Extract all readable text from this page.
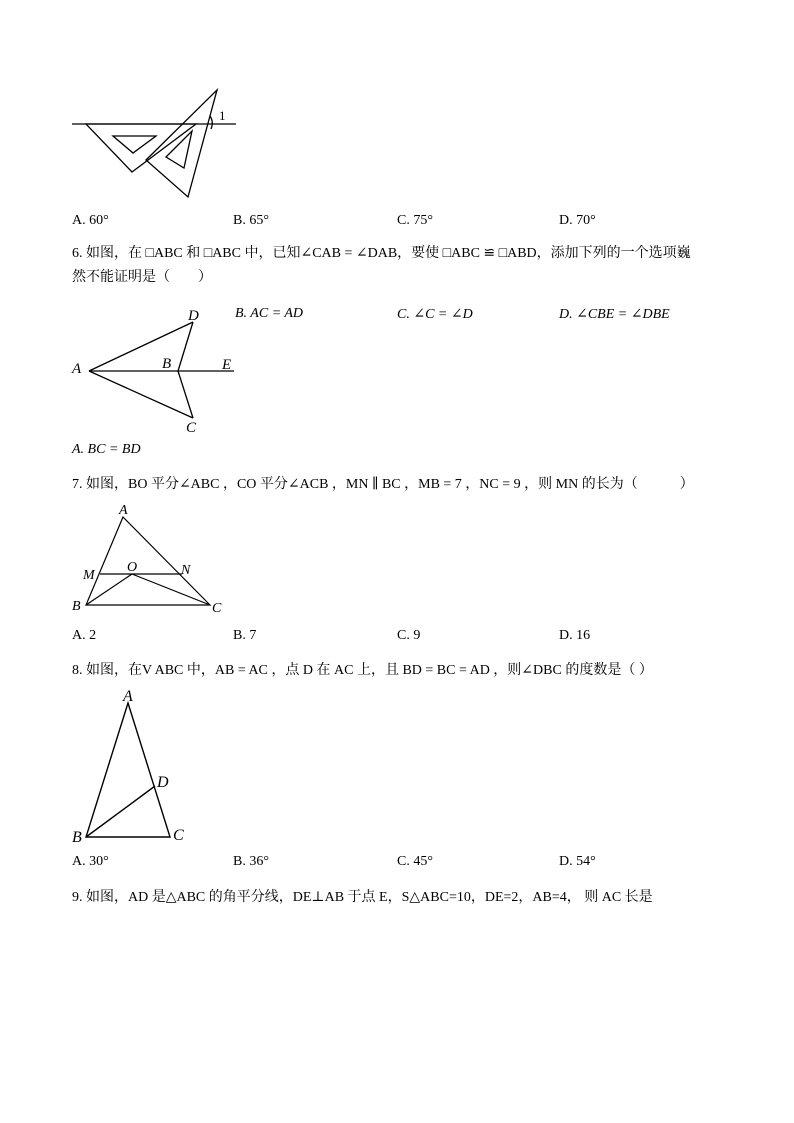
1
A. 60°	B. 65°	C. 75°	D. 70°
6. 如图，在 □ABC 和 □ABC 中，已知∠CAB = ∠DAB，要使 □ABC ≌ □ABD，添加下列的一个选项巍
然不能证明是（　　）
D
A	B	E
C
B. AC = AD	C. ∠C = ∠D	D. ∠CBE = ∠DBE
A. BC = BD
7. 如图，BO 平分∠ABC ，CO 平分∠ACB ，MN ∥ BC ，MB = 7 ，NC = 9 ，则 MN 的长为（　　　）
A
M
O	N
B	C
A. 2	B. 7	C. 9	D. 16
8. 如图，在V ABC 中，AB = AC ，点 D 在 AC 上，且 BD = BC = AD ，则∠DBC 的度数是（ ）
A
D
B	C
A. 30°	B. 36°	C. 45°	D. 54°
9. 如图，AD 是△ABC 的角平分线，DE⊥AB 于点 E，S△ABC=10，DE=2，AB=4， 则 AC 长是
